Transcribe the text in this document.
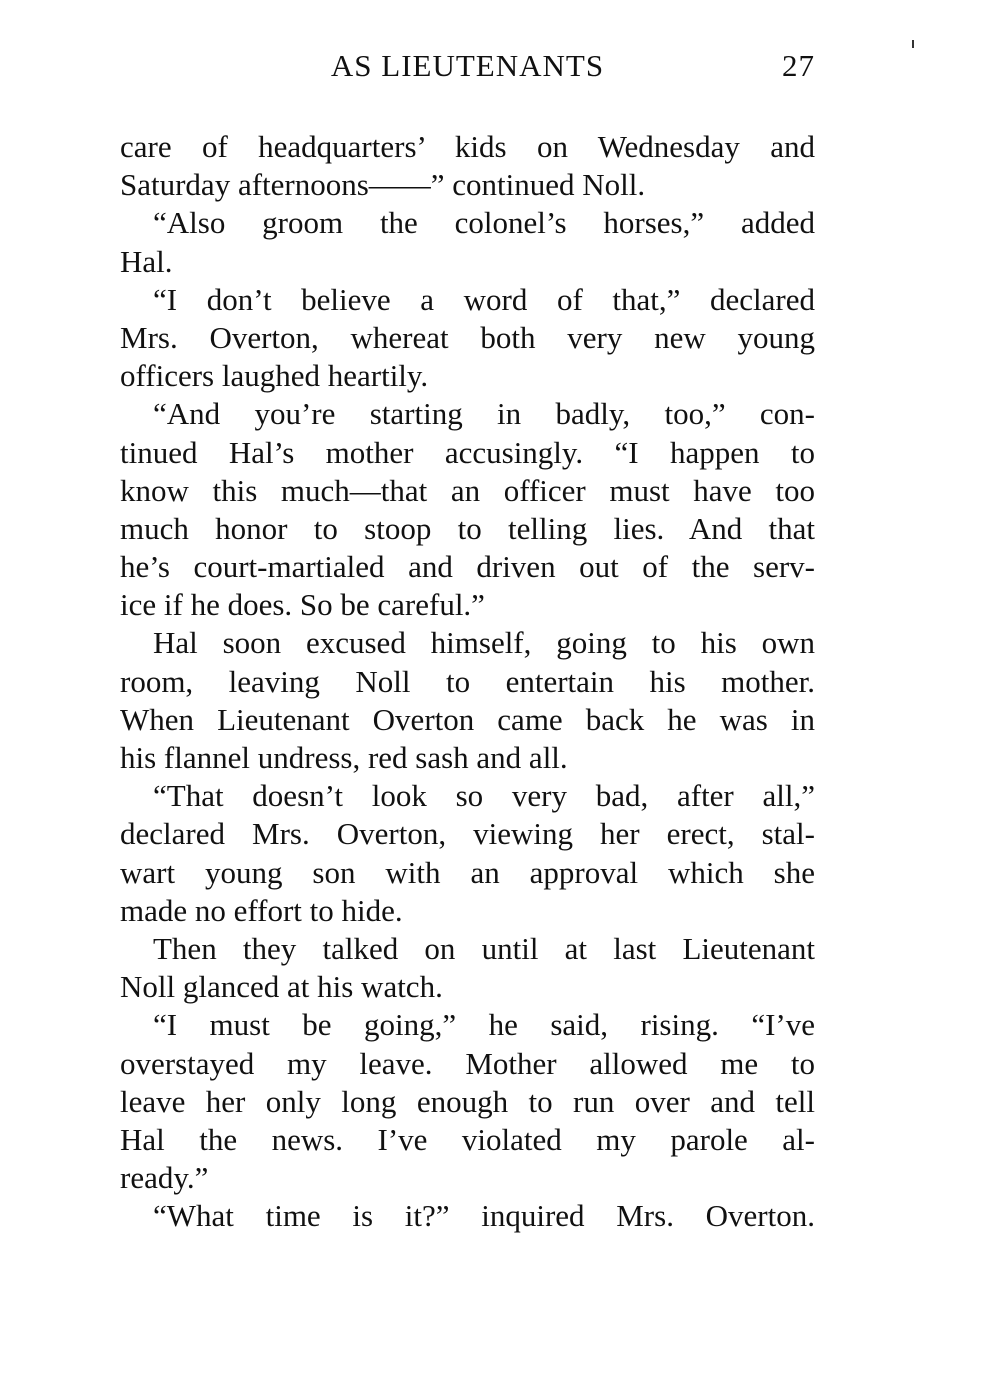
AS LIEUTENANTS	27
care of headquarters’ kids on Wednesday and
Saturday afternoons——” continued Noll.
“Also groom the colonel’s horses,” added
Hal.
“I don’t believe a word of that,” declared
Mrs. Overton, whereat both very new young
officers laughed heartily.
“And you’re starting in badly, too,” con-
tinued Hal’s mother accusingly. “I happen to
know this much—that an officer must have too
much honor to stoop to telling lies. And that
he’s court-martialed and driven out of the serv-
ice if he does. So be careful.”
Hal soon excused himself, going to his own
room, leaving Noll to entertain his mother.
When Lieutenant Overton came back he was in
his flannel undress, red sash and all.
“That doesn’t look so very bad, after all,”
declared Mrs. Overton, viewing her erect, stal-
wart young son with an approval which she
made no effort to hide.
Then they talked on until at last Lieutenant
Noll glanced at his watch.
“I must be going,” he said, rising. “I’ve
overstayed my leave. Mother allowed me to
leave her only long enough to run over and tell
Hal the news. I’ve violated my parole al-
ready.”
“What time is it?” inquired Mrs. Overton.
